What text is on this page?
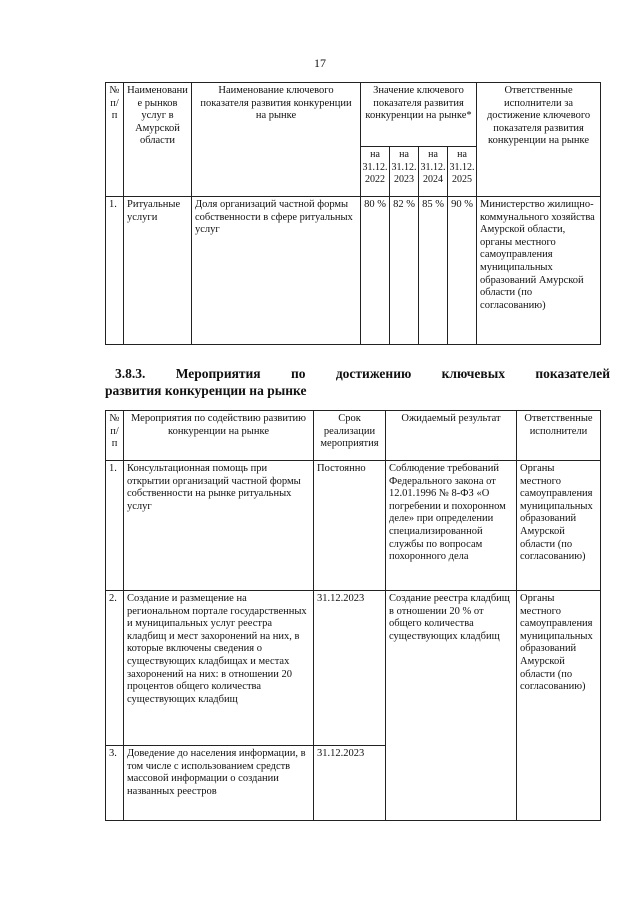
17
№ п/п	Наименовани е рынков услуг в Амурской области	Наименование ключевого показателя развития конкуренции на рынке	Значение ключевого показателя развития конкуренции на рынке*				Ответственные исполнители за достижение ключевого показателя развития конкуренции на рынке
			на 31.12. 2022	на 31.12. 2023	на 31.12. 2024	на 31.12. 2025	
1.	Ритуальные услуги	Доля организаций частной формы собственности в сфере ритуальных услуг	80 %	82 %	85 %	90 %	Министерство жилищно-коммунального хозяйства Амурской области, органы местного самоуправления муниципальных образований Амурской области (по согласованию)
3.8.3. Мероприятия по достижению ключевых показателей
развития конкуренции на рынке
№ п/п	Мероприятия по содействию развитию конкуренции на рынке	Срок реализации мероприятия	Ожидаемый результат	Ответственные исполнители
1.	Консультационная помощь при открытии организаций частной формы собственности на рынке ритуальных услуг	Постоянно	Соблюдение требований Федерального закона от 12.01.1996 № 8-ФЗ «О погребении и похоронном деле» при определении специализированной службы по вопросам похоронного дела	Органы местного самоуправления муниципальных образований Амурской области (по согласованию)
2.	Создание и размещение на региональном портале государственных и муниципальных услуг реестра кладбищ и мест захоронений на них, в которые включены сведения о существующих кладбищах и местах захоронений на них: в отношении 20 процентов общего количества существующих кладбищ	31.12.2023	Создание реестра кладбищ в отношении 20 % от общего количества существующих кладбищ	Органы местного самоуправления муниципальных образований Амурской области (по согласованию)
3.	Доведение до населения информации, в том числе с использованием средств массовой информации о создании названных реестров	31.12.2023		
